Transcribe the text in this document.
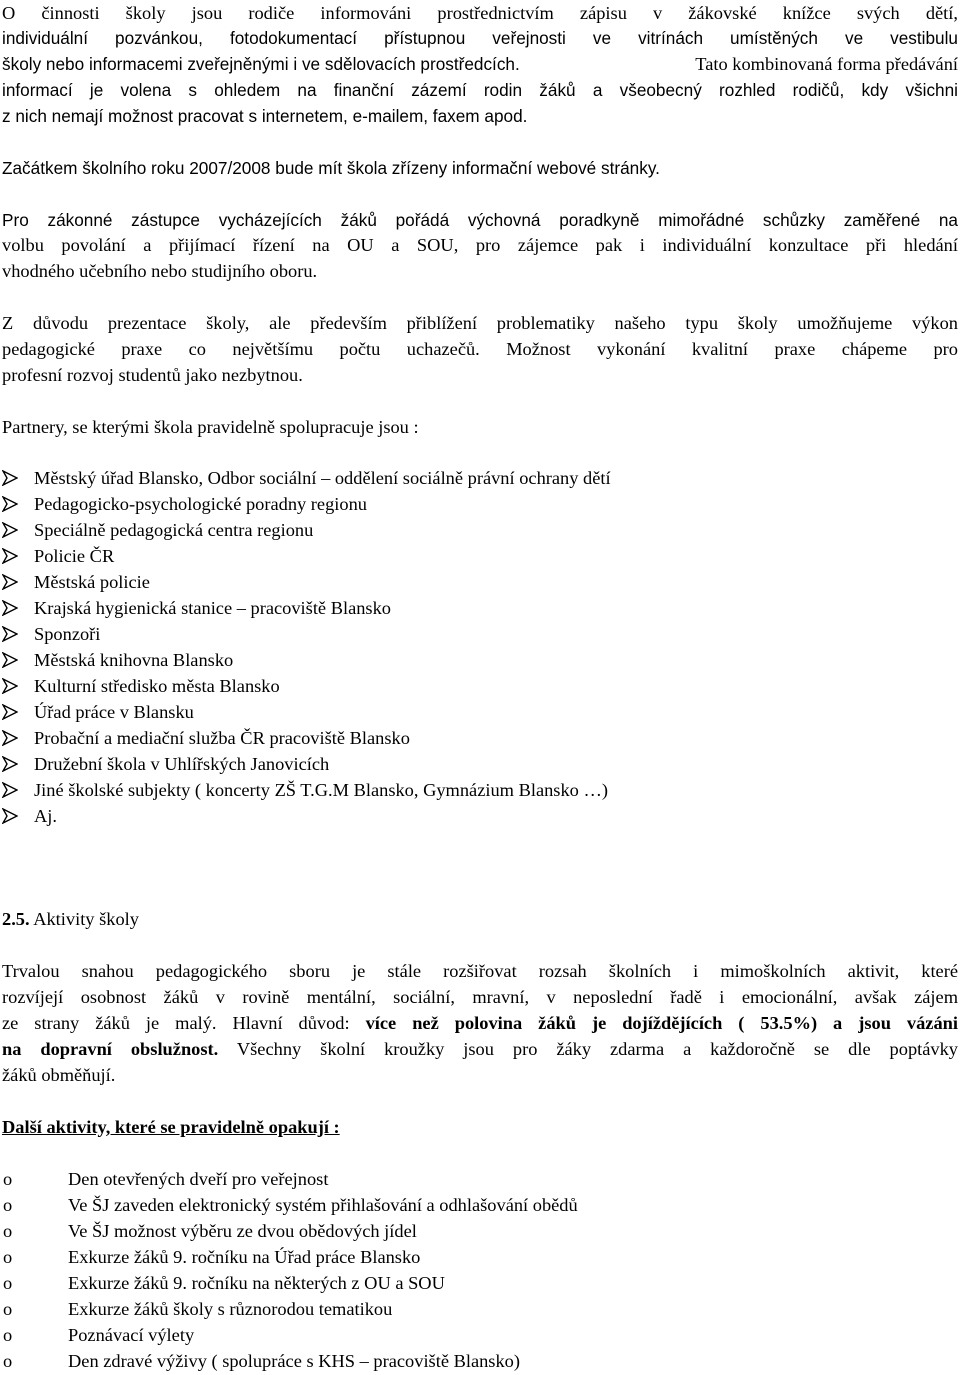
O činnosti školy jsou rodiče informováni prostřednictvím zápisu v žákovské knížce svých dětí,
individuální pozvánkou, fotodokumentací přístupnou veřejnosti ve vitrínách umístěných ve vestibulu
školy nebo informacemi zveřejněnými i ve sdělovacích prostředcích.	Tato kombinovaná forma předávání
informací je volena s ohledem na finanční zázemí rodin žáků a všeobecný rozhled rodičů, kdy všichni
z nich nemají možnost pracovat s internetem, e-mailem, faxem apod.
Začátkem školního roku 2007/2008 bude mít škola zřízeny informační webové stránky.
Pro zákonné zástupce vycházejících žáků pořádá výchovná poradkyně mimořádné schůzky zaměřené na
volbu povolání a přijímací řízení na OU a SOU, pro zájemce pak i individuální konzultace při hledání
vhodného učebního nebo studijního oboru.
Z důvodu prezentace školy, ale především přiblížení problematiky našeho typu školy umožňujeme výkon
pedagogické praxe co největšímu počtu uchazečů. Možnost vykonání kvalitní praxe chápeme pro
profesní rozvoj studentů jako nezbytnou.
Partnery, se kterými škola pravidelně spolupracuje jsou :
Městský úřad Blansko, Odbor sociální – oddělení sociálně právní ochrany dětí
Pedagogicko-psychologické poradny regionu
Speciálně pedagogická centra regionu
Policie ČR
Městská policie
Krajská hygienická stanice – pracoviště Blansko
Sponzoři
Městská knihovna Blansko
Kulturní středisko města Blansko
Úřad práce v Blansku
Probační a mediační služba ČR pracoviště Blansko
Družební škola v Uhlířských Janovicích
Jiné školské subjekty ( koncerty ZŠ T.G.M Blansko, Gymnázium Blansko …)
Aj.
2.5. Aktivity školy
Trvalou snahou pedagogického sboru je stále rozšiřovat rozsah školních i mimoškolních aktivit, které
rozvíjejí osobnost žáků v rovině mentální, sociální, mravní, v neposlední řadě i emocionální, avšak zájem
ze strany žáků je malý. Hlavní důvod: více než polovina žáků je dojíždějících ( 53.5%) a jsou vázáni
na dopravní obslužnost. Všechny školní kroužky jsou pro žáky zdarma a každoročně se dle poptávky
žáků obměňují.
Další aktivity, které se pravidelně opakují :
o	Den otevřených dveří pro veřejnost
o	Ve ŠJ zaveden elektronický systém přihlašování a odhlašování obědů
o	Ve ŠJ možnost výběru ze dvou obědových jídel
o	Exkurze žáků 9. ročníku na Úřad práce Blansko
o	Exkurze žáků 9. ročníku na některých z OU a SOU
o	Exkurze žáků školy s různorodou tematikou
o	Poznávací výlety
o	Den zdravé výživy ( spolupráce s KHS – pracoviště Blansko)
